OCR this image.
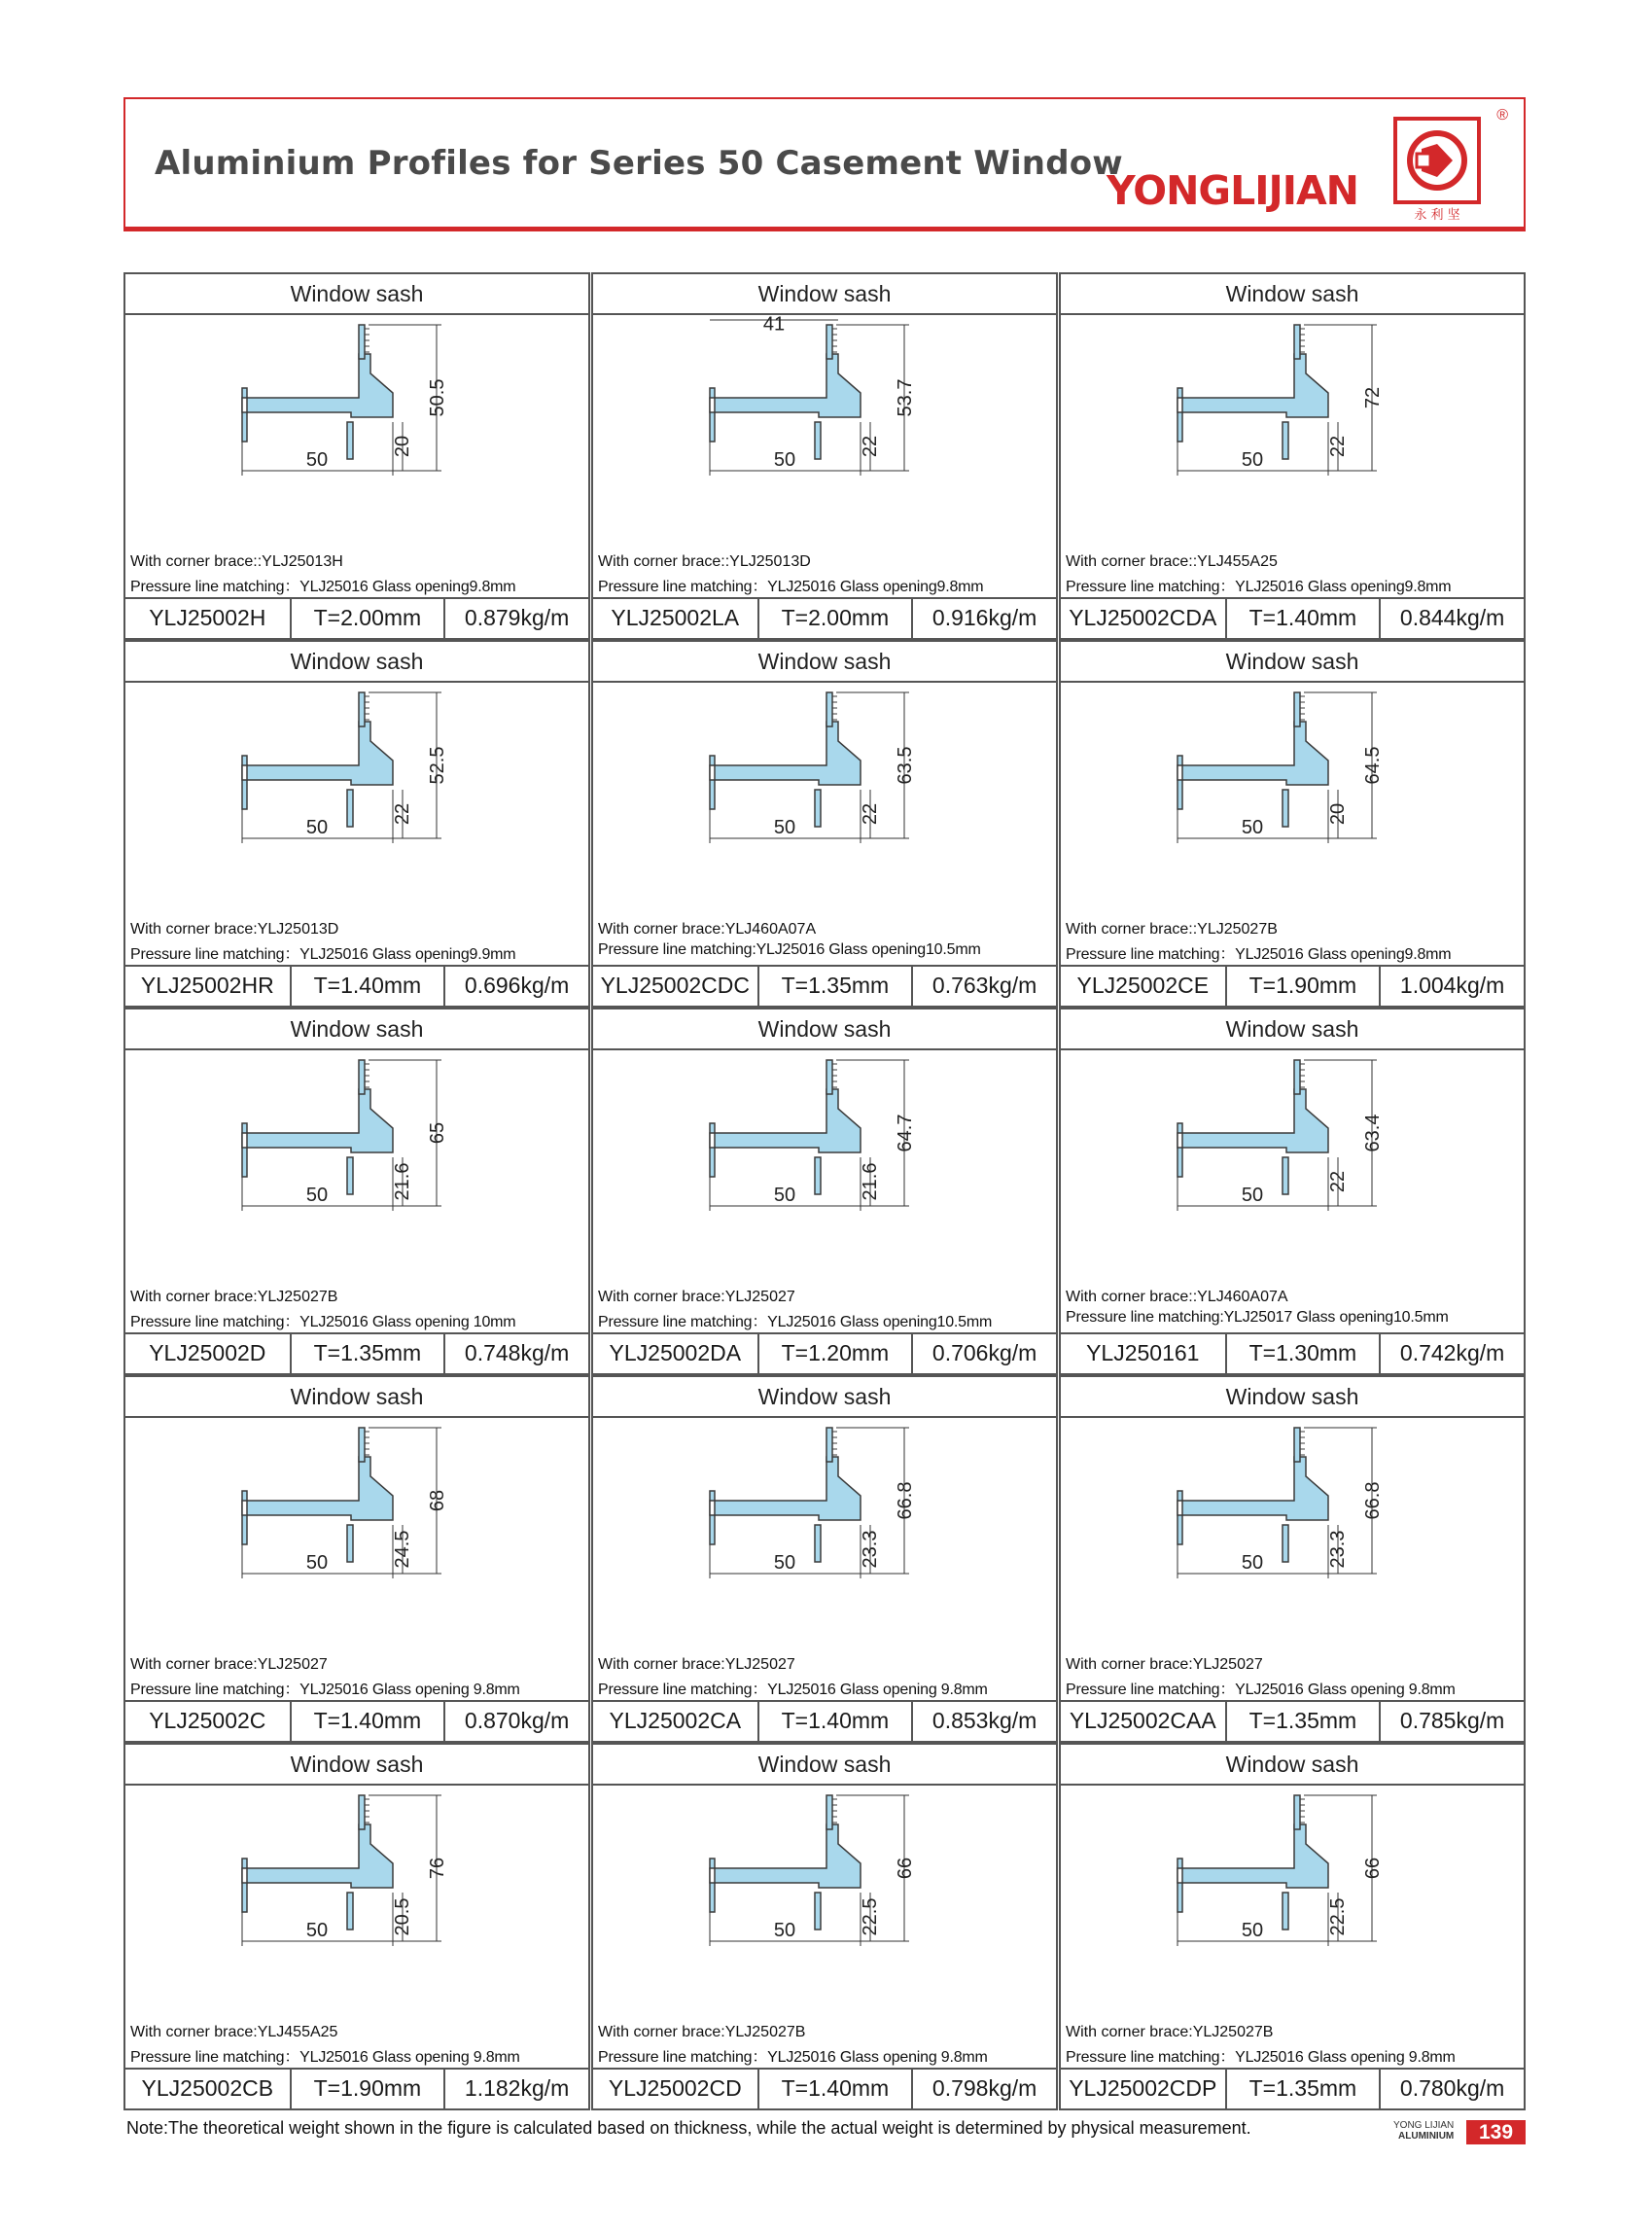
Aluminium Profiles for Series 50 Casement Window
YONGLIJIAN
永 利 坚
®
Window sash
50.5
20
50
With corner brace::YLJ25013H
Pressure line matching：YLJ25016 Glass opening9.8mm
YLJ25002H	T=2.00mm	0.879kg/m
Window sash
53.7
22
50
41
With corner brace::YLJ25013D
Pressure line matching：YLJ25016 Glass opening9.8mm
YLJ25002LA	T=2.00mm	0.916kg/m
Window sash
72
22
50
With corner brace::YLJ455A25
Pressure line matching：YLJ25016 Glass opening9.8mm
YLJ25002CDA	T=1.40mm	0.844kg/m
Window sash
52.5
22
50
With corner brace:YLJ25013D
Pressure line matching：YLJ25016 Glass opening9.9mm
YLJ25002HR	T=1.40mm	0.696kg/m
Window sash
63.5
22
50
With corner brace:YLJ460A07A
Pressure line matching:YLJ25016 Glass opening10.5mm
YLJ25002CDC	T=1.35mm	0.763kg/m
Window sash
64.5
20
50
With corner brace::YLJ25027B
Pressure line matching：YLJ25016 Glass opening9.8mm
YLJ25002CE	T=1.90mm	1.004kg/m
Window sash
65
21.6
50
With corner brace:YLJ25027B
Pressure line matching：YLJ25016 Glass opening 10mm
YLJ25002D	T=1.35mm	0.748kg/m
Window sash
64.7
21.6
50
With corner brace:YLJ25027
Pressure line matching：YLJ25016 Glass opening10.5mm
YLJ25002DA	T=1.20mm	0.706kg/m
Window sash
63.4
22
50
With corner brace::YLJ460A07A
Pressure line matching:YLJ25017 Glass opening10.5mm
YLJ250161	T=1.30mm	0.742kg/m
Window sash
68
24.5
50
With corner brace:YLJ25027
Pressure line matching：YLJ25016 Glass opening 9.8mm
YLJ25002C	T=1.40mm	0.870kg/m
Window sash
66.8
23.3
50
With corner brace:YLJ25027
Pressure line matching：YLJ25016 Glass opening 9.8mm
YLJ25002CA	T=1.40mm	0.853kg/m
Window sash
66.8
23.3
50
With corner brace:YLJ25027
Pressure line matching：YLJ25016 Glass opening 9.8mm
YLJ25002CAA	T=1.35mm	0.785kg/m
Window sash
76
20.5
50
With corner brace:YLJ455A25
Pressure line matching：YLJ25016 Glass opening 9.8mm
YLJ25002CB	T=1.90mm	1.182kg/m
Window sash
66
22.5
50
With corner brace:YLJ25027B
Pressure line matching：YLJ25016 Glass opening 9.8mm
YLJ25002CD	T=1.40mm	0.798kg/m
Window sash
66
22.5
50
With corner brace:YLJ25027B
Pressure line matching：YLJ25016 Glass opening 9.8mm
YLJ25002CDP	T=1.35mm	0.780kg/m
Note:The theoretical weight shown in the figure is calculated based on thickness, while the actual weight is determined by physical measurement.	YONG LIJIAN
ALUMINIUM	139
